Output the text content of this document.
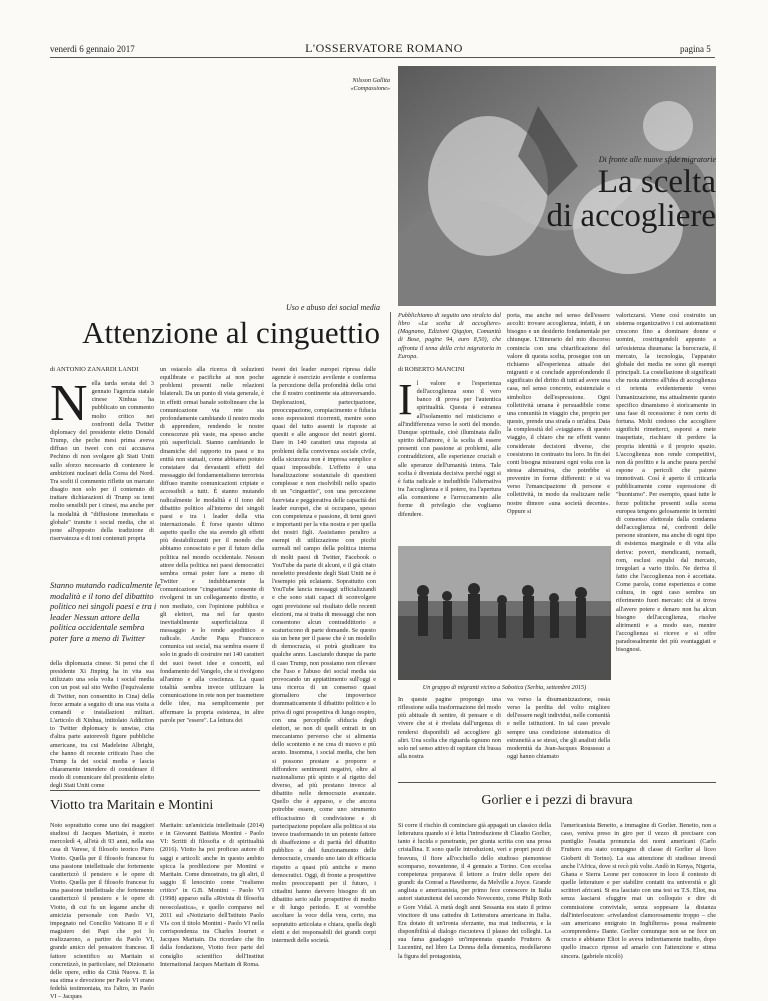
venerdì 6 gennaio 2017	L'OSSERVATORE ROMANO	pagina 5
Nilsson Gallita
«Compassione»
Di fronte alle nuove sfide migratorie
La scelta
di accogliere
Uso e abuso dei social media
Attenzione al cinguettio	Pubblichiamo di seguito uno stralcio dal libro «La scelta di accogliere» (Magnano, Edizioni Qiqajon, Comunità di Bose, pagine 94, euro 8,50), che affronta il tema della crisi migratoria in Europa.
di ROBERTO MANCINI
Il valore e l'esperienza dell'accoglienza sono il vero banco di prova per l'autentica spiritualità. Questa è estranea all'isolamento nel misticismo e all'indifferenza verso le sorti del mondo. Dunque spirituale, cioè illuminata dallo spirito dell'amore, è la scelta di essere presenti con passione ai problemi, alle contraddizioni, alle esperienze cruciali e alle speranze dell'umanità intera. Tale scelta è diventata decisiva perché oggi si è fatta radicale e ineludibile l'alternativa tra l'accoglienza e il potere, tra l'apertura alla comunione e l'arroccamento alle forme di privilegio che vogliamo difendere.
porta, ma anche nel senso dell'essere accolti: trovare accoglienza, infatti, è un bisogno e un desiderio fondamentale per chiunque. L'itinerario del mio discorso comincia con una chiarificazione del valore di questa scelta, prosegue con un richiamo all'esperienza attuale dei migranti e si conclude approfondendo il significato del diritto di tutti ad avere una casa, nel senso concreto, esistenziale e simbolico dell'espressione. Ogni collettività umana è persuadibile come una comunità in viaggio che, proprio per questo, prende una strada o un'altra. Data la complessità del «viaggiare» di questo viaggio, il chiaro che ne effetti vanno considerate decisioni diverse, che coesistono in contrasto tra loro. In fin dei conti bisogna misurarsi ogni volta con la stessa alternativa, che potrebbe si prevenire in forme differenti: e si va verso l'emancipazione di persone e collettività, in modo da realizzare nelle nostre dimore «una società decente». Oppure si
valorizzarsi. Viene così costruito un sistema organizzativo i cui automatismi crescono fino a dominare donne e uomini, costringendoli appunto a un'esistenza disumana: la burocrazia, il mercato, la tecnologia, l'apparato globale dei media ne sono gli esempi principali. La costellazione di significati che ruota attorno all'idea di accoglienza ci orienta evidentemente verso l'umanizzazione, ma attualmente questo specifico dinamismo è storicamente in una fase di recessione: è non certo di fortuna. Molti credono che accogliere significhi rimetterci, esporsi a mete inaspettate, rischiare di perdere la propria identità e il proprio spazio. L'accoglienza non rende competitivi, non dà profitto e fa anche paura perché espone a pericoli che paiono immotivati. Così è aperto il criticarla pubblicamente come espressione di "buonismo". Per esempio, quasi tutte le forze politiche presenti sulla scena europea tengono gelosamente in termini di consenso elettorale dalla condanna dell'accoglienza né, confronti delle persone straniere, ma anche di ogni tipo di esistenza marginale e di vita alla deriva: poveri, mendicanti, nomadi, rom, esclusi espulsi dal mercato, irregolari a vario titolo. Ne deriva il fatto che l'accoglienza non è accettata. Come parola, come esperienza e come cultura, in ogni caso sembra un riferimento fuori mercato: chi si trova all'avere potere e denaro non ha alcun bisogno dell'accoglienza, risolve altrimenti e a modo suo, mentre l'accoglienza si riceve e si offre paradossalmente dei più svantaggiati e bisognosi.
Un gruppo di migranti vicino a Sabotica (Serbia, settembre 2015)
In queste pagine propongo una riflessione sulla trasformazione del modo più abituale di sentire, di pensare e di vivere che si è rivelata dall'urgenza di rendersi disponibili ad accogliere gli altri. Una scelta che riguarda ognuno non solo nel senso attivo di ospitare chi bussa alla nostra
va verso la disumanizzazione, ossia verso la perdita del volto migliore dell'essere negli individui, nelle comunità e nelle istituzioni. In tal caso prevale sempre una condizione sistematica di estraneità a se stessi, che gli analisti della modernità da Jean-Jacques Rousseau a oggi hanno chiamato
di ANTONIO ZANARDI LANDI
Nella tarda serata del 3 gennaio l'agenzia statale cinese Xinhua ha pubblicato un commento molto critico nei confronti della Twitter diplomacy del presidente eletto Donald Trump, che peche mesi prima aveva diffuso un tweet con cui accusava Pechino di non svolgere gli Stati Uniti sullo sforzo necessario di contenere le ambizioni nucleari della Corea del Nord. Tra scelti il commento riflette un marcato disagio non solo per il contenuto di trattare dichiarazioni di Trump su temi molto sensibili per i cinesi, ma anche per la modalità di "diffusione immediata e globale" tramite i social media, che si pone all'opposto della tradizione di riservatezza e di toni contenuti propria
Stanno mutando radicalmente le modalità e il tono del dibattito politico nei singoli paesi e tra i leader Nessun attore della politica occidentale sembra poter fare a meno di Twitter
della diplomazia cinese. Si pensi che il presidente Xi Jinping ha in vita sua utilizzato una sola volta i social media con un post sul sito Weibo (l'equivalente di Twitter, non consentito in Cina) della forze armate a seguito di una sua visita a comandi e installazioni militari. L'articolo di Xinhua, intitolato Addiction to Twitter diplomacy is unwise, cita d'altra parte autorevoli figure pubbliche americane, tra cui Madeleine Albright, che hanno di recente criticato l'uso che Trump fa dei social media e lascia chiaramente intendere di considerare il modo di comunicare del presidente eletto degli Stati Uniti come
un ostacolo alla ricerca di soluzioni equilibrate e pacifiche ai non poche problemi presenti nelle relazioni bilaterali. Da un punto di vista generale, è in effetti ormai banale sottolineare che la comunicazione via rete sta profondamente cambiando il nostro modo di apprendere, rendendo le nostre conoscenze più vaste, ma spesso anche più superficiali. Stanno cambiando le dinamiche del rapporto tra paesi e tra entità non statuali, come abbiamo potuto constatare dai devastanti effetti del messaggio del fondamentalismo terrorista diffuso tramite comunicazioni criptate e accessibili a tutti. È stanno mutando radicalmente le modalità e il tono del dibattito politico all'interno dei singoli paesi e tra i leader della vita internazionale. È forse questo ultimo aspetto quello che sta avendo gli effetti più destabilizzanti per il mondo che abbiamo conosciuto e per il futuro della politica nel mondo occidentale. Nessun attore della politica nei paesi democratici sembra ormai poter fare a meno di Twitter e indubbiamente la comunicazione "cinguettata" consente di rivolgersi in un collegamento diretto, e non mediato, con l'opinione pubblica e gli elettori, ma nel far questo inevitabilmente superficializza il messaggio e lo rende apodittico e radicale. Anche Papa Francesco comunica sui social, ma sembra essere il solo in grado di costruire nei 140 caratteri dei suoi tweet idee e concetti, sul fondamento del Vangelo, che si rivolgono all'animo e alla coscienza. La quasi totalità sembra invece utilizzare la comunicazione in rete non per trasmettere delle idee, ma semplicemente per affermare la propria esistenza, in altre parole per "essere". La lettura dei
tweet dei leader europei ripresa dalle agenzie è esercizio avvilente e conferma la percezione della profondità della crisi che il nostro continente sta attraversando. Deplorazioni, partecipazione, preoccupazione, compiacimento e fiducia sono espressioni ricorrenti, mentre sono quasi del tutto assenti le risposte ai quesiti e alle angosce dei nostri giorni. Dare in 140 caratteri una risposta ai problemi della convivenza sociale civile, della sicurezza non è impresa semplice e quasi impossibile. L'effetto è una banalizzazione sostanziale di questioni complesse e non risolvibili nello spazio di un "cinguettio", con una percezione fuorviata e peggiorativa delle capacità dei leader europei, che si occupano, spesso con competenza e passione, di temi gravi e importanti per la vita nostra e per quella dei nostri figli. Assistiamo peraltro a esempi di utilizzazione con picchi surreali nel campo della politica interna di molti paesi di Twitter, Facebook o YouTube da parte di alcuni, e il già citato neoeletto presidente degli Stati Uniti ne è l'esempio più eclatante. Soprattutto con YouTube lancia messaggi ufficializzandi e che sono stati capaci di sconvolgere ogni previsione sul risultato delle recenti elezioni, ma si tratta di messaggi che non consentono alcun contraddittorio e scaturiscono di parte domande. Se questo sia un bene per il paese che è un modello di democrazia, si potrà giudicare tra qualche anno. Lasciando dunque da parte il caso Trump, non possiamo non rilevare che l'uso e l'abuso dei social media sta provocando un appiattimento sull'oggi e una ricerca di un consenso quasi giornaliero che impoverisce drammaticamente il dibattito politico e lo priva di ogni prospettiva di lungo respiro, con una percepibile sfiducia degli elettori, se non di quelli entrati in un meccanismo perverso che si alimenta dello scontento e ne crea di nuovo e più acuto. Insomma, i social media, che ben si possono prestare a proporre e diffondere sentimenti negativi, oltre al nazionalismo più spinto e al rigetto del diverso, ad più prestano invece al dibattito nelle democrazie avanzate. Quello che è apparso, e che ancora potrebbe essere, come uno strumento efficacissimo di condivisione e di partecipazione popolare alla politica si sta invece trasformando in un potente fattore di disaffezione e di parità del dibattito pubblico e del funzionamento delle democrazie, creando uno iato di efficacia rispetto a quasi più antiche e meno democratici. Oggi, di fronte a prospettive molto preoccupanti per il futuro, i cittadini hanno davvero bisogno di un dibattito serio sulle prospettive di medio e di lungo periodo. E si vorrebbe ascoltare la voce della vera, certo, ma sopratutto articolata e chiara, quella degli eletti e dei responsabili dei grandi corpi intermedi delle società.
Viotto tra Maritain e Montini
Noto soprattutto come uno dei maggiori studiosi di Jacques Maritain, è morto mercoledì 4, all'età di 93 anni, nella sua casa di Varese, il filosofo teorico Piero Viotto. Quella per il filosofo francese fu una passione intellettuale che fortemente caratterizzò il pensiero e le opere di Viotto. Quella per il filosofo francese fu una passione intellettuale che fortemente caratterizzò il pensiero e le opere di Viotto, di cui fu un legame anche di amicizia personale con Paolo VI, impegnato nel Concilio Vaticano II e il magistero dei Papi che poi lo realizzarono, a partire da Paolo VI, grande amico del pensatore francese. Il fattore scientifico su Maritain si concretizzò, in particolare, nel Dizionario delle opere, edito da Città Nuova. E la sua stima e devozione per Paolo VI erano fedeltà testimoniata, tra l'altro, in Paolo VI – Jacques
Maritain: un'amicizia intellettuale (2014) e in Giovanni Battista Montini - Paolo VI: Scritti di filosofia e di spiritualità (2016). Viotto ha poi proficuo autore di saggi e articoli: anche in questo ambito spicca la predilezione per Montini e Maritain. Come dimostrato, tra gli altri, il saggio Il lenocinio come "realismo critico" in G.B. Montini - Paolo VI (1998) apparso sulla «Rivista di filosofia neoscolastica», e quello comparso nel 2011 sul «Notiziario dell'Istituto Paolo VI» con il titolo Montini - Paolo VI nella corrispondenza tra Charles Journet e Jacques Maritain. Da ricordare che fin dalla fondazione, Viotto fece parte del consiglio scientifico dell'Institut International Jacques Maritain di Roma.
Gorlier e i pezzi di bravura
Si corre il rischio di cominciare già appagati un classico della letteratura quando si è letta l'introduzione di Claudio Gorlier, tanto è lucida e penetrante, per giunta scritta con una prosa cristallina. E sono quelle introduzioni, veri e propri pezzi di bravura, il fiore all'occhiello dello studioso piemontese scomparso, novantenne, il 4 gennaio a Torino. Con eccelsa competenza preparava il lettore a fruire delle opere dei grandi: da Conrad a Hawthorne, da Melville a Joyce. Grande anglista e americanista, per primo fece conoscere in Italia autori statunitensi del secondo Novecento, come Philip Roth e Gore Vidal. A metà degli anni Sessanta era stato il primo vincitore di una cattedra di Letteratura americana in Italia. Era dotato di un'ironia sferzante, ma mai indiscreta, e la disponibilità al dialogo riscuoteva il plauso dei colleghi. La sua fama guadagnò un'impennata quando Fruttero & Lucentini, nel libro La Donna della domenica, modellarono la figura del protagonista,
l'americanista Benetto, a immagine di Gorlier. Benetto, non a caso, veniva preso in giro per il vezzo di precisare con puntiglio l'esatta pronuncia dei nomi americani (Carlo Fruttero era stato compagno di classe di Gorlier al liceo Gioberti di Torino). La sua attenzione di studioso investì anche l'Africa, dove si recò più volte. Andò in Kenya, Nigeria, Ghana e Sierra Leone per conoscere in loco il contesto di quelle letterature e per stabilire contatti tra università e gli scrittori africani. Si era lasciato con una tesi su T.S. Eliot, ma senza lasciarsi sfuggire mai un colloquio e dire di commissione conviviale, senza soppesare la distanza dall'interlocutore: «rivelandosi clamorosamente troppo – che «un americano emigrato in Inghilterra» possa realmente «comprendere» Dante. Gorlier comunque non se ne fece un crucio e abbiamo Eliot lo aveva indirettamente tradito, dopo quello imacco riprese ad amarlo con l'attenzione e stima sincera. (gabriele nicolò)
